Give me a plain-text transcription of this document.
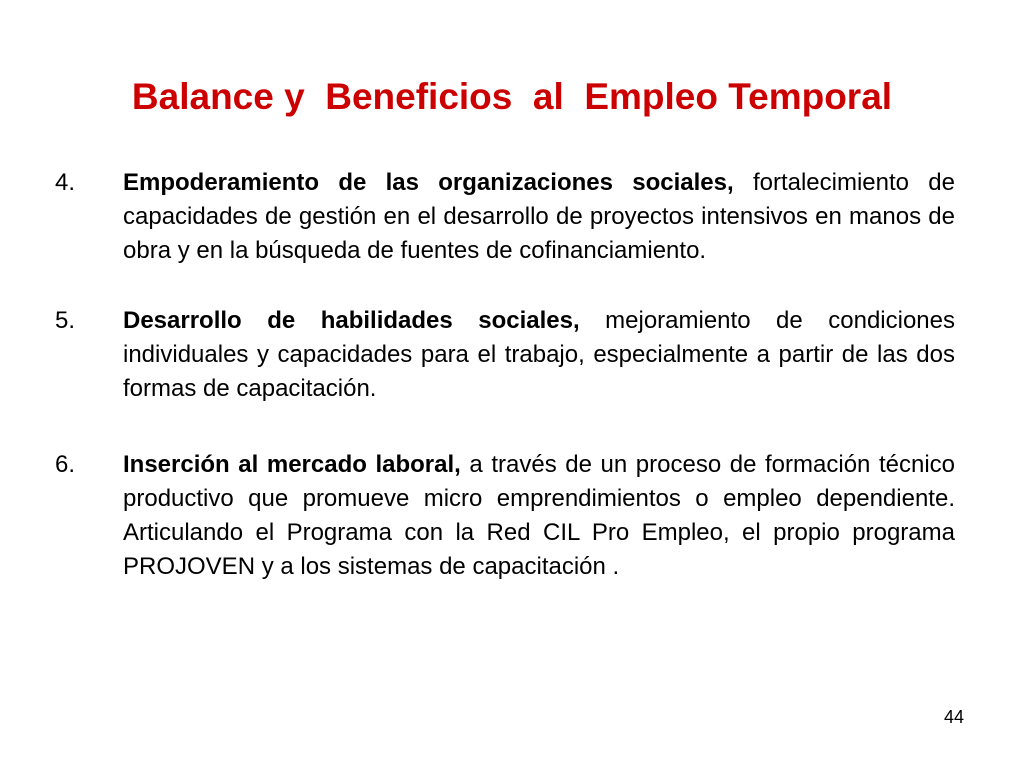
Balance y  Beneficios  al  Empleo Temporal
4. Empoderamiento de las organizaciones sociales, fortalecimiento de capacidades de gestión en el desarrollo de proyectos intensivos en manos de obra y en la búsqueda de fuentes de cofinanciamiento.
5. Desarrollo de habilidades sociales, mejoramiento de condiciones individuales y capacidades para el trabajo, especialmente a partir de las dos formas de capacitación.
6. Inserción al mercado laboral, a través de un proceso de formación técnico productivo que promueve micro emprendimientos o empleo dependiente. Articulando el Programa con la Red CIL Pro Empleo, el propio programa PROJOVEN y a los sistemas de capacitación .
44
